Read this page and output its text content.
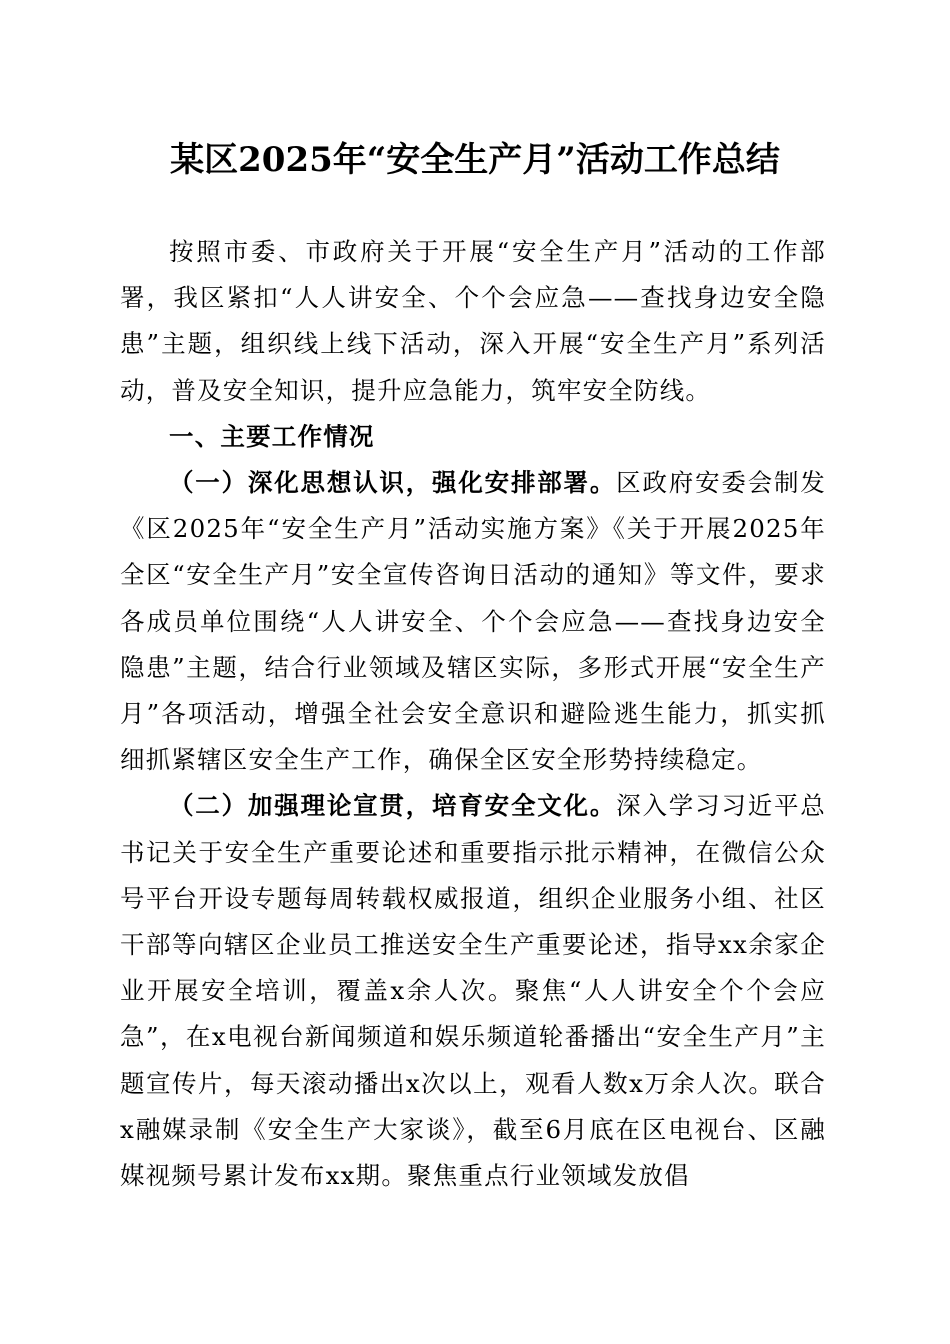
某区2025年“安全生产月”活动工作总结

按照市委、市政府关于开展“安全生产月”活动的工作部署，我区紧扣“人人讲安全、个个会应急——查找身边安全隐患”主题，组织线上线下活动，深入开展“安全生产月”系列活动，普及安全知识，提升应急能力，筑牢安全防线。

一、主要工作情况

（一）深化思想认识，强化安排部署。区政府安委会制发《区2025年“安全生产月”活动实施方案》《关于开展2025年全区“安全生产月”安全宣传咨询日活动的通知》等文件，要求各成员单位围绕“人人讲安全、个个会应急——查找身边安全隐患”主题，结合行业领域及辖区实际，多形式开展“安全生产月”各项活动，增强全社会安全意识和避险逃生能力，抓实抓细抓紧辖区安全生产工作，确保全区安全形势持续稳定。

（二）加强理论宣贯，培育安全文化。深入学习习近平总书记关于安全生产重要论述和重要指示批示精神，在微信公众号平台开设专题每周转载权威报道，组织企业服务小组、社区干部等向辖区企业员工推送安全生产重要论述，指导xx余家企业开展安全培训，覆盖x余人次。聚焦“人人讲安全个个会应急”，在x电视台新闻频道和娱乐频道轮番播出“安全生产月”主题宣传片，每天滚动播出x次以上，观看人数x万余人次。联合x融媒录制《安全生产大家谈》，截至6月底在区电视台、区融媒视频号累计发布xx期。聚焦重点行业领域发放倡
